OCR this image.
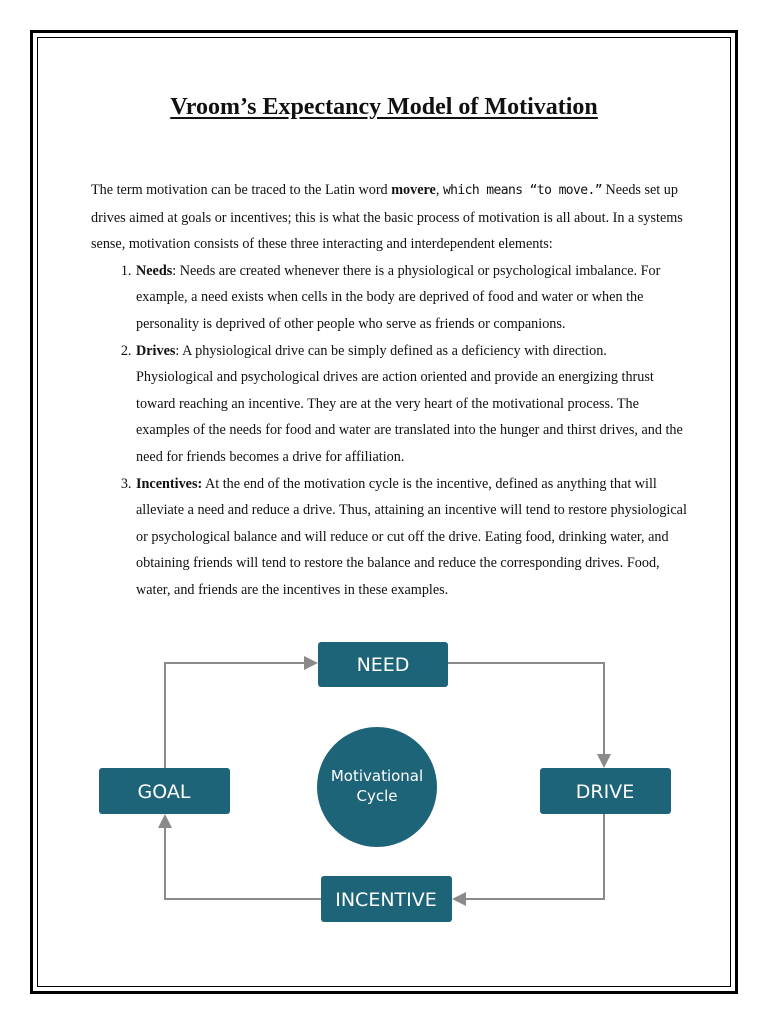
Vroom’s Expectancy Model of Motivation

The term motivation can be traced to the Latin word movere, which means “to move.” Needs set up drives aimed at goals or incentives; this is what the basic process of motivation is all about. In a systems sense, motivation consists of these three interacting and interdependent elements:

1. Needs: Needs are created whenever there is a physiological or psychological imbalance. For example, a need exists when cells in the body are deprived of food and water or when the personality is deprived of other people who serve as friends or companions.
2. Drives: A physiological drive can be simply defined as a deficiency with direction. Physiological and psychological drives are action oriented and provide an energizing thrust toward reaching an incentive. They are at the very heart of the motivational process. The examples of the needs for food and water are translated into the hunger and thirst drives, and the need for friends becomes a drive for affiliation.
3. Incentives: At the end of the motivation cycle is the incentive, defined as anything that will alleviate a need and reduce a drive. Thus, attaining an incentive will tend to restore physiological or psychological balance and will reduce or cut off the drive. Eating food, drinking water, and obtaining friends will tend to restore the balance and reduce the corresponding drives. Food, water, and friends are the incentives in these examples.
NEED
DRIVE
INCENTIVE
GOAL
Motivational
Cycle
